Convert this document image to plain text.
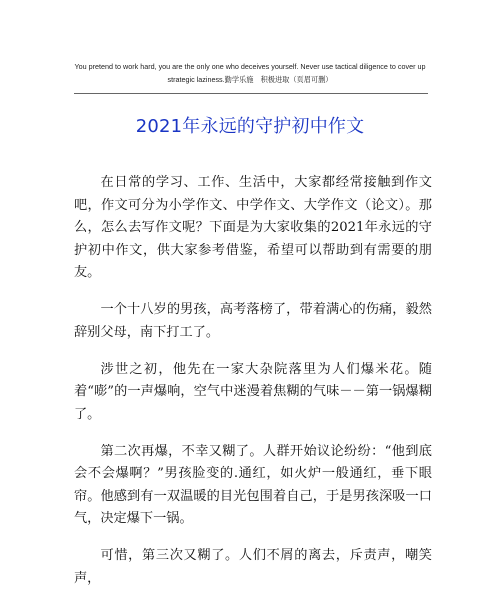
You pretend to work hard, you are the only one who deceives yourself. Never use tactical diligence to cover up
strategic laziness.勤学乐施　积极进取（页眉可删）
2021年永远的守护初中作文

在日常的学习、工作、生活中，大家都经常接触到作文吧，作文可分为小学作文、中学作文、大学作文（论文）。那么，怎么去写作文呢？下面是为大家收集的2021年永远的守护初中作文，供大家参考借鉴，希望可以帮助到有需要的朋友。

一个十八岁的男孩，高考落榜了，带着满心的伤痛，毅然辞别父母，南下打工了。

涉世之初，他先在一家大杂院落里为人们爆米花。随着“嘭”的一声爆响，空气中迷漫着焦糊的气味－－第一锅爆糊了。

第二次再爆，不幸又糊了。人群开始议论纷纷：“他到底会不会爆啊？”男孩脸变的.通红，如火炉一般通红，垂下眼帘。他感到有一双温暖的目光包围着自己，于是男孩深吸一口气，决定爆下一锅。

可惜，第三次又糊了。人们不屑的离去，斥责声，嘲笑声，
